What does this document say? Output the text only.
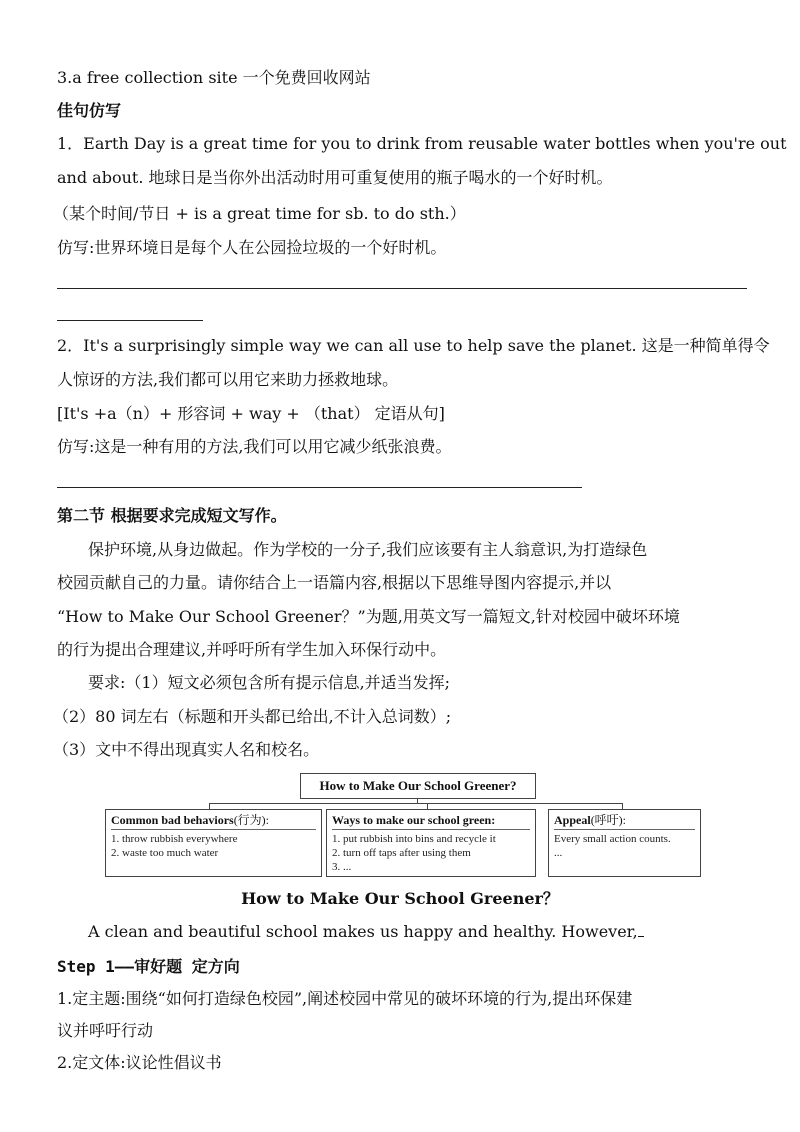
3.a free collection site 一个免费回收网站
佳句仿写
1．Earth Day is a great time for you to drink from reusable water bottles when you're out
and about. 地球日是当你外出活动时用可重复使用的瓶子喝水的一个好时机。
（某个时间/节日 + is a great time for sb. to do sth.）
仿写:世界环境日是每个人在公园捡垃圾的一个好时机。
2．It's a surprisingly simple way we can all use to help save the planet. 这是一种简单得令
人惊讶的方法,我们都可以用它来助力拯救地球。
[It's +a（n）+ 形容词 + way + （that） 定语从句]
仿写:这是一种有用的方法,我们可以用它减少纸张浪费。
第二节 根据要求完成短文写作。
保护环境,从身边做起。作为学校的一分子,我们应该要有主人翁意识,为打造绿色
校园贡献自己的力量。请你结合上一语篇内容,根据以下思维导图内容提示,并以
“How to Make Our School Greener？”为题,用英文写一篇短文,针对校园中破坏环境
的行为提出合理建议,并呼吁所有学生加入环保行动中。
要求:（1）短文必须包含所有提示信息,并适当发挥;
（2）80 词左右（标题和开头都已给出,不计入总词数）;
（3）文中不得出现真实人名和校名。
How to Make Our School Greener?
Common bad behaviors(行为):
1. throw rubbish everywhere
2. waste too much water
Ways to make our school green:
1. put rubbish into bins and recycle it
2. turn off taps after using them
3. ...
Appeal(呼吁):
Every small action counts.
...
How to Make Our School Greener？
A clean and beautiful school makes us happy and healthy. However,
Step 1——审好题 定方向
1.定主题:围绕“如何打造绿色校园”,阐述校园中常见的破坏环境的行为,提出环保建
议并呼吁行动
2.定文体:议论性倡议书
